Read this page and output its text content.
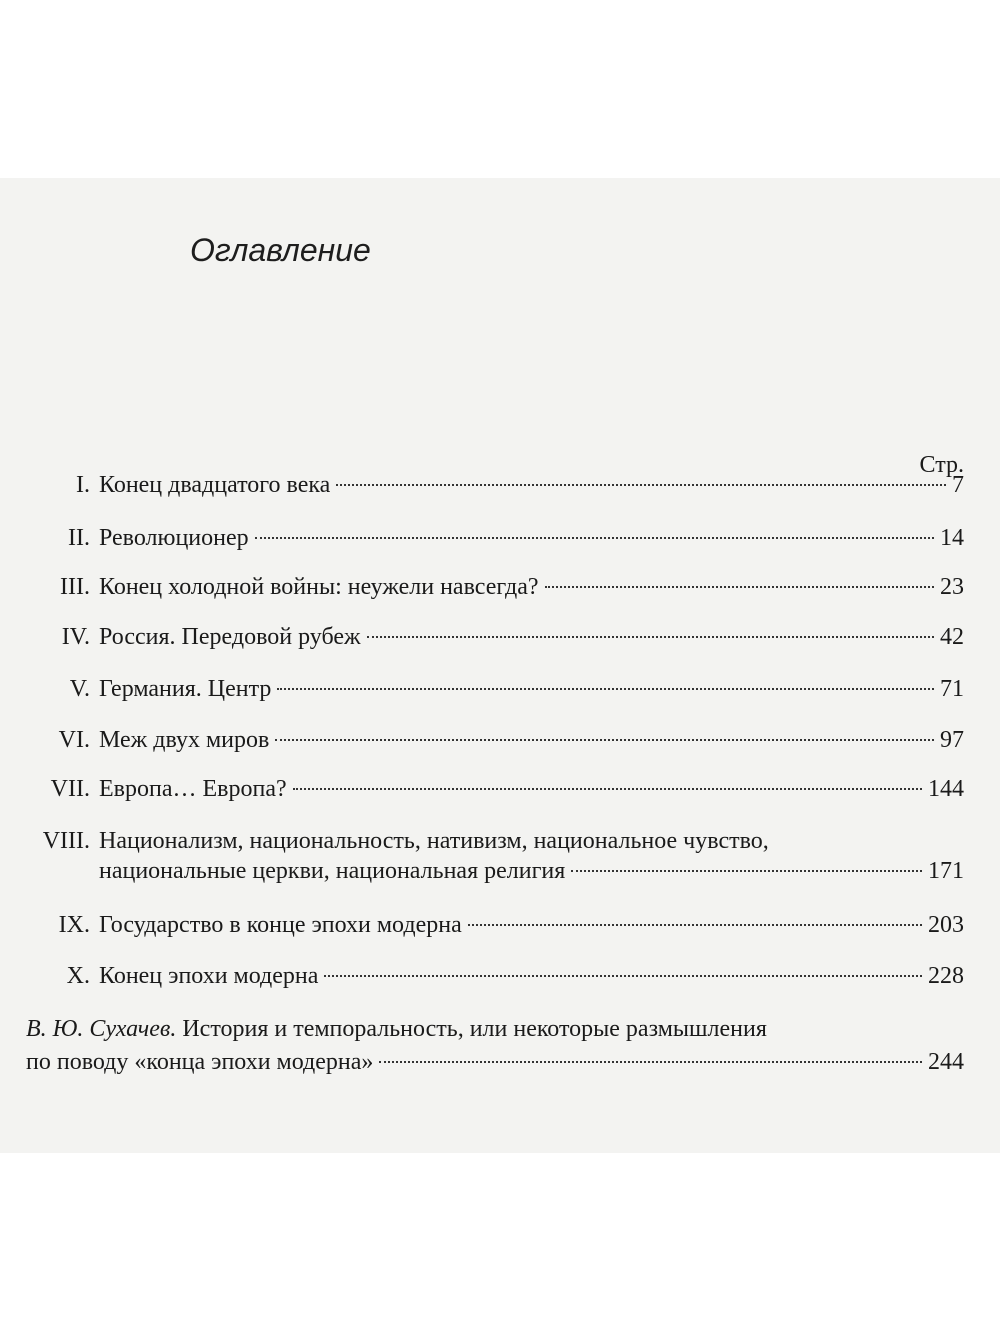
Оглавление
Стр.
I. Конец двадцатого века	7
II. Революционер	14
III. Конец холодной войны: неужели навсегда?	23
IV. Россия. Передовой рубеж	42
V. Германия. Центр	71
VI. Меж двух миров	97
VII. Европа… Европа?	144
VIII. Национализм, национальность, нативизм, национальное чувство,
национальные церкви, национальная религия	171
IX. Государство в конце эпохи модерна	203
X. Конец эпохи модерна	228
В. Ю. Сухачев. История и темпоральность, или некоторые размышления
по поводу «конца эпохи модерна»	244
